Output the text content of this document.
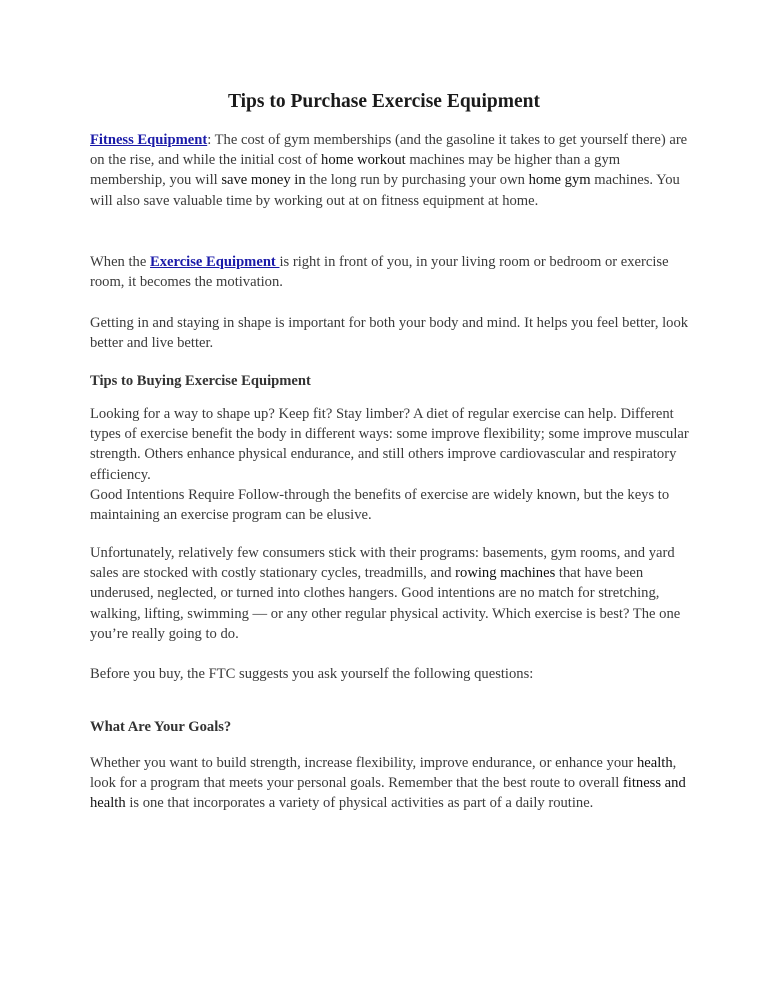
Tips to Purchase Exercise Equipment

Fitness Equipment: The cost of gym memberships (and the gasoline it takes to get yourself there) are on the rise, and while the initial cost of home workout machines may be higher than a gym membership, you will save money in the long run by purchasing your own home gym machines. You will also save valuable time by working out at on fitness equipment at home.

When the Exercise Equipment is right in front of you, in your living room or bedroom or exercise room, it becomes the motivation.

Getting in and staying in shape is important for both your body and mind. It helps you feel better, look better and live better.

Tips to Buying Exercise Equipment

Looking for a way to shape up? Keep fit? Stay limber? A diet of regular exercise can help. Different types of exercise benefit the body in different ways: some improve flexibility; some improve muscular strength. Others enhance physical endurance, and still others improve cardiovascular and respiratory efficiency.
Good Intentions Require Follow-through the benefits of exercise are widely known, but the keys to maintaining an exercise program can be elusive.

Unfortunately, relatively few consumers stick with their programs: basements, gym rooms, and yard sales are stocked with costly stationary cycles, treadmills, and rowing machines that have been underused, neglected, or turned into clothes hangers. Good intentions are no match for stretching, walking, lifting, swimming — or any other regular physical activity. Which exercise is best? The one you’re really going to do.

Before you buy, the FTC suggests you ask yourself the following questions:

What Are Your Goals?

Whether you want to build strength, increase flexibility, improve endurance, or enhance your health, look for a program that meets your personal goals. Remember that the best route to overall fitness and health is one that incorporates a variety of physical activities as part of a daily routine.
